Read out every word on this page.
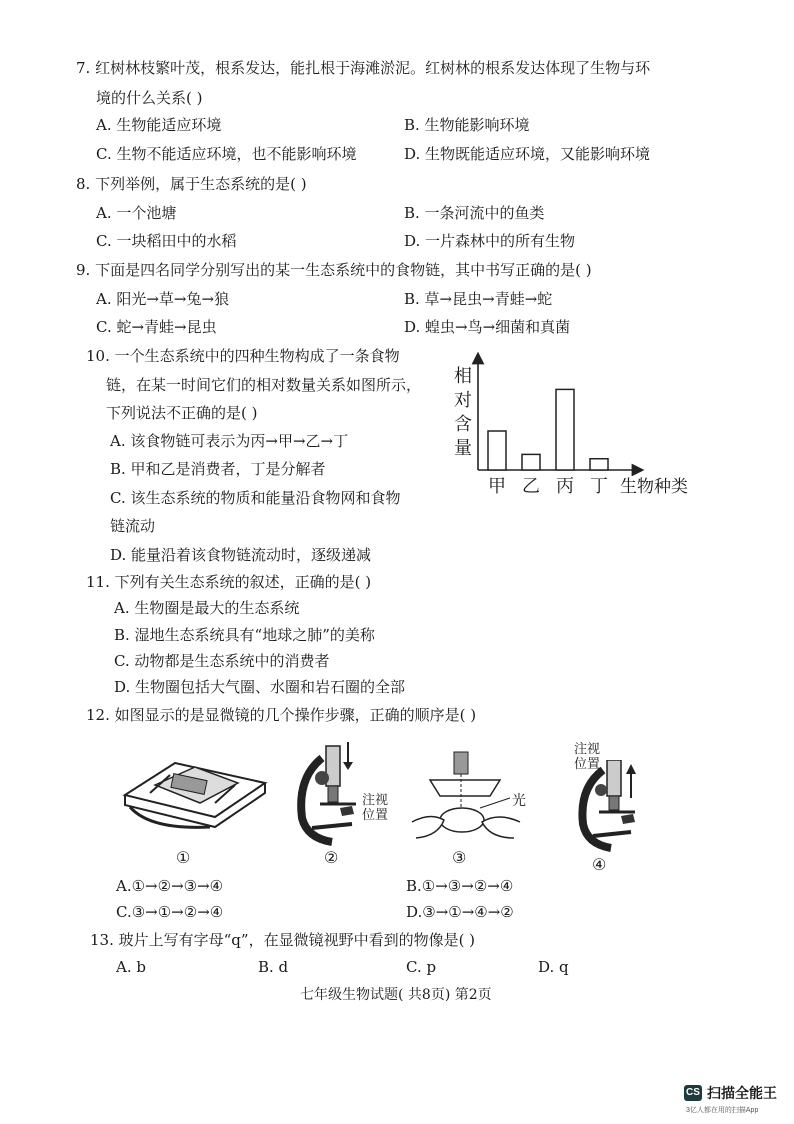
7. 红树林枝繁叶茂，根系发达，能扎根于海滩淤泥。红树林的根系发达体现了生物与环
境的什么关系( )
A. 生物能适应环境	B. 生物能影响环境
C. 生物不能适应环境，也不能影响环境	D. 生物既能适应环境，又能影响环境
8. 下列举例，属于生态系统的是( )
A. 一个池塘	B. 一条河流中的鱼类
C. 一块稻田中的水稻	D. 一片森林中的所有生物
9. 下面是四名同学分别写出的某一生态系统中的食物链，其中书写正确的是( )
A. 阳光→草→兔→狼	B. 草→昆虫→青蛙→蛇
C. 蛇→青蛙→昆虫	D. 蝗虫→鸟→细菌和真菌
10. 一个生态系统中的四种生物构成了一条食物
链，在某一时间它们的相对数量关系如图所示，
下列说法不正确的是( )
A. 该食物链可表示为丙→甲→乙→丁
B. 甲和乙是消费者，丁是分解者
C. 该生态系统的物质和能量沿食物网和食物
链流动
D. 能量沿着该食物链流动时，逐级递减
相
对
含
量
甲 乙 丙 丁 生物种类
11. 下列有关生态系统的叙述，正确的是( )
A. 生物圈是最大的生态系统
B. 湿地生态系统具有“地球之肺”的美称
C. 动物都是生态系统中的消费者
D. 生物圈包括大气圈、水圈和岩石圈的全部
12. 如图显示的是显微镜的几个操作步骤，正确的顺序是( )
①
注视
位置
②
光
③
注视
位置
④
A.①→②→③→④	B.①→③→②→④
C.③→①→②→④	D.③→①→④→②
13. 玻片上写有字母“q”，在显微镜视野中看到的物像是( )
A. b	B. d	C. p	D. q
七年级生物试题( 共8页) 第2页
CS 扫描全能王
3亿人都在用的扫描App
